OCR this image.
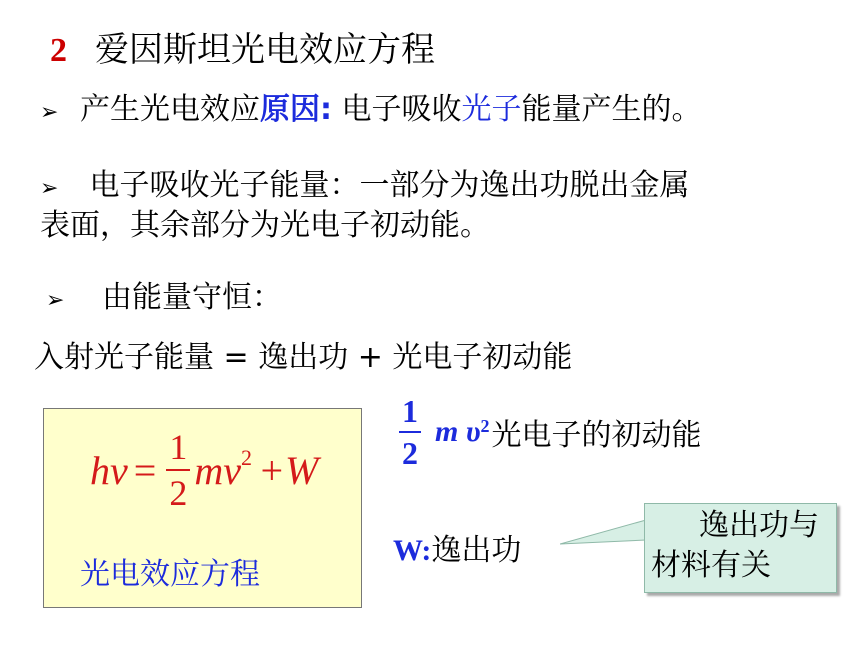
2 爱因斯坦光电效应方程
➢ 产生光电效应原因: 电子吸收光子能量产生的。
➢ 电子吸收光子能量：一部分为逸出功脱出金属
表面，其余部分为光电子初动能。
➢ 由能量守恒：
入射光子能量 = 逸出功 + 光电子初动能
$h\nu = \frac{1}{2} mv^2 +W$
光电效应方程
$\frac{1}{2}$ m $\upsilon^2$ 光电子的初动能
W:逸出功
逸出功与
材料有关
